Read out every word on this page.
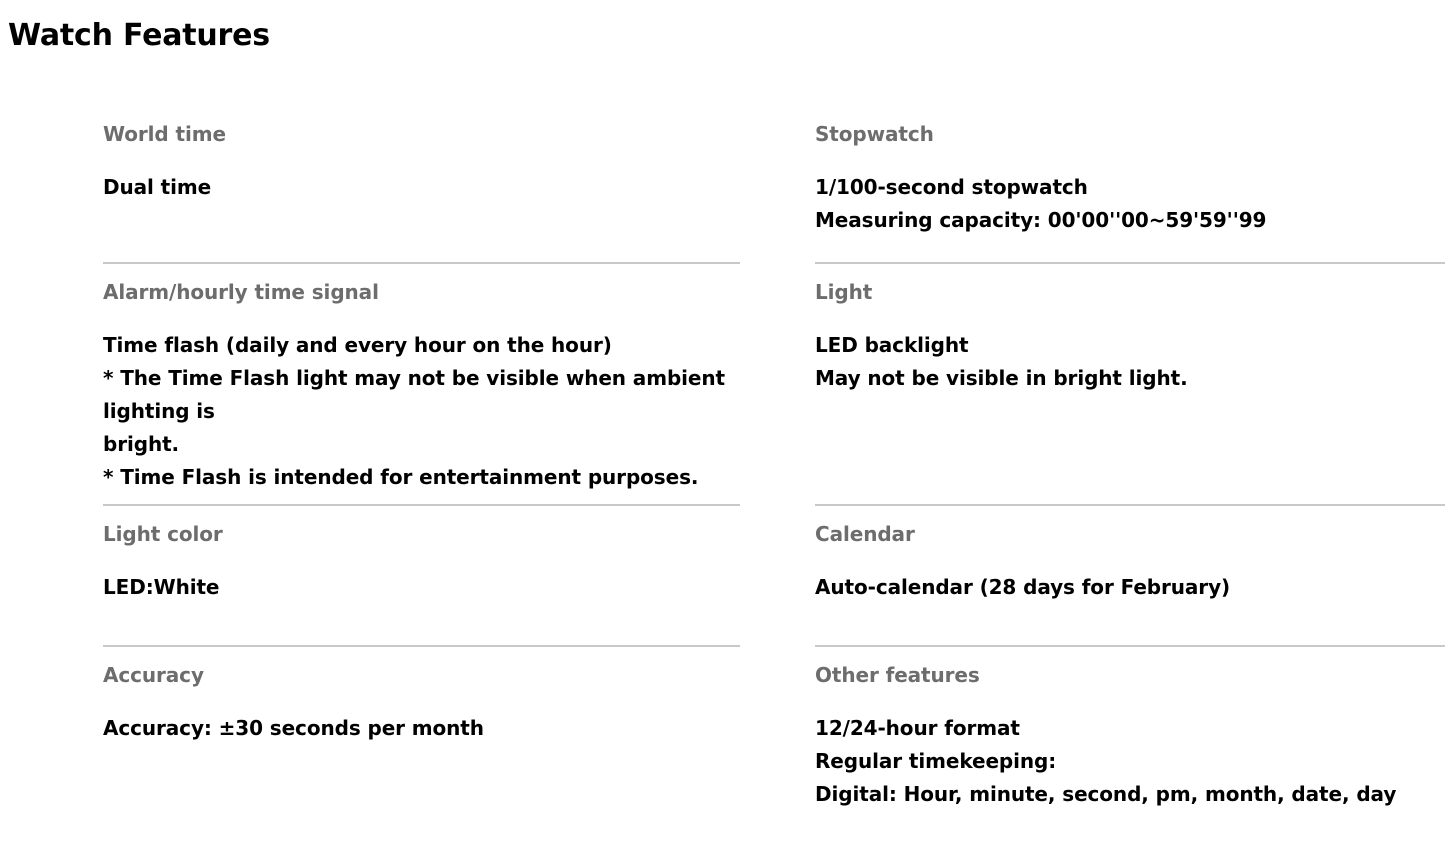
Watch Features
World time
Dual time
Stopwatch
1/100-second stopwatch
Measuring capacity: 00'00''00~59'59''99
Alarm/hourly time signal
Time flash (daily and every hour on the hour)
* The Time Flash light may not be visible when ambient lighting is
bright.
* Time Flash is intended for entertainment purposes.
Light
LED backlight
May not be visible in bright light.
Light color
LED:White
Calendar
Auto-calendar (28 days for February)
Accuracy
Accuracy: ±30 seconds per month
Other features
12/24-hour format
Regular timekeeping:
Digital: Hour, minute, second, pm, month, date, day
